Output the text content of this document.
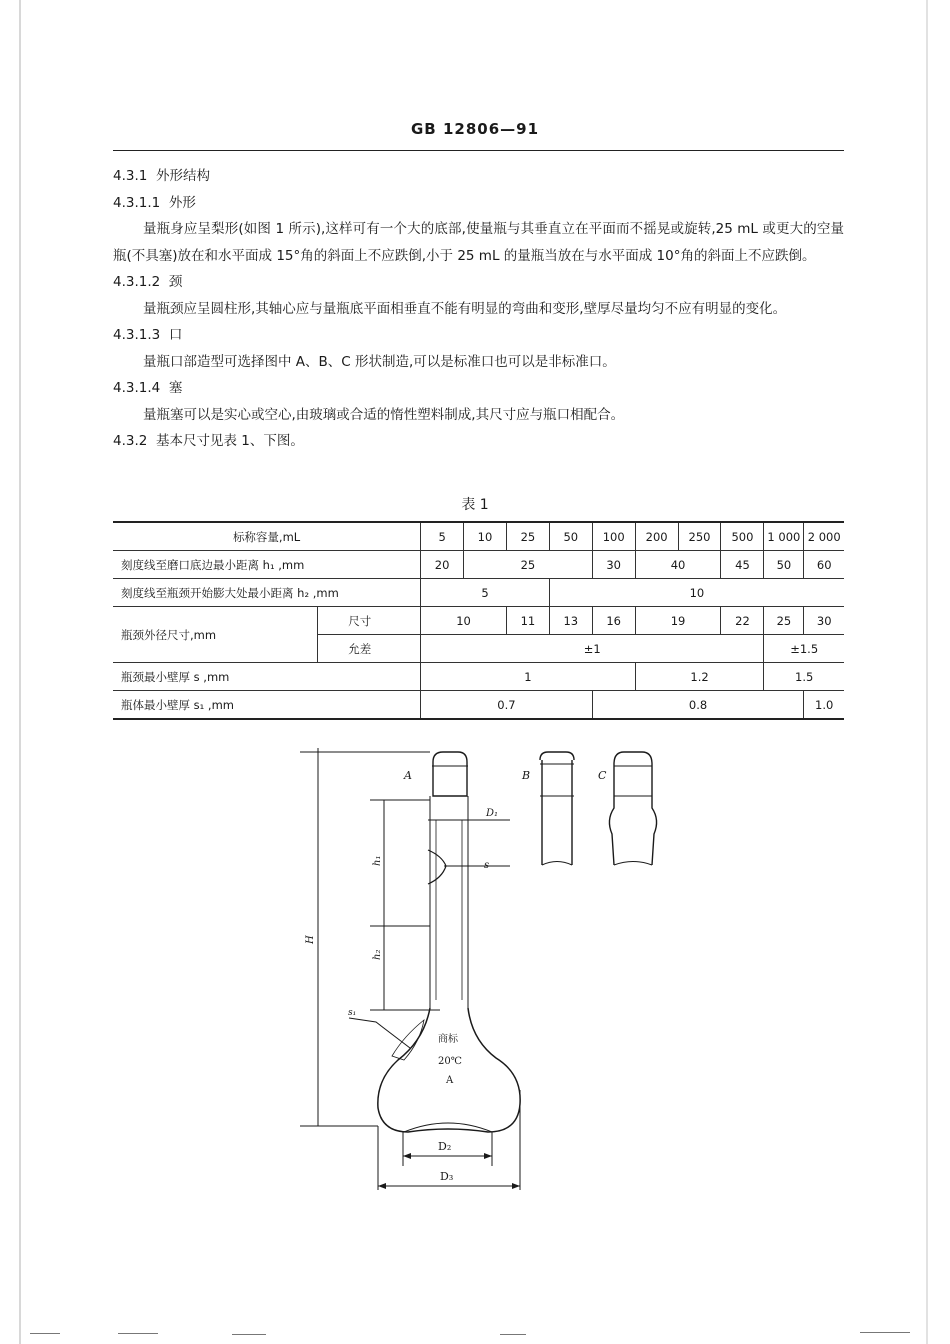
GB 12806—91
4.3.1 外形结构
4.3.1.1 外形
量瓶身应呈梨形(如图 1 所示),这样可有一个大的底部,使量瓶与其垂直立在平面而不摇晃或旋转,25 mL 或更大的空量瓶(不具塞)放在和水平面成 15°角的斜面上不应跌倒,小于 25 mL 的量瓶当放在与水平面成 10°角的斜面上不应跌倒。
4.3.1.2 颈
量瓶颈应呈圆柱形,其轴心应与量瓶底平面相垂直不能有明显的弯曲和变形,壁厚尽量均匀不应有明显的变化。
4.3.1.3 口
量瓶口部造型可选择图中 A、B、C 形状制造,可以是标准口也可以是非标准口。
4.3.1.4 塞
量瓶塞可以是实心或空心,由玻璃或合适的惰性塑料制成,其尺寸应与瓶口相配合。
4.3.2 基本尺寸见表 1、下图。
表 1
标称容量,mL		5	10	25	50	100	200	250	500	1 000	2 000
刻度线至磨口底边最小距离 h₁ ,mm		20	25			30	40		45	50	60
刻度线至瓶颈开始膨大处最小距离 h₂ ,mm		5			10						
瓶颈外径尺寸,mm	尺寸	10		11	13	16	19		22	25	30
	允差	±1								±1.5	
瓶颈最小壁厚 s ,mm		1					1.2			1.5	
瓶体最小壁厚 s₁ ,mm		0.7				0.8					1.0
A	B	C
D₁
s
h₁
h₂
H
s₁
商标
20℃
A
D₂
D₃
